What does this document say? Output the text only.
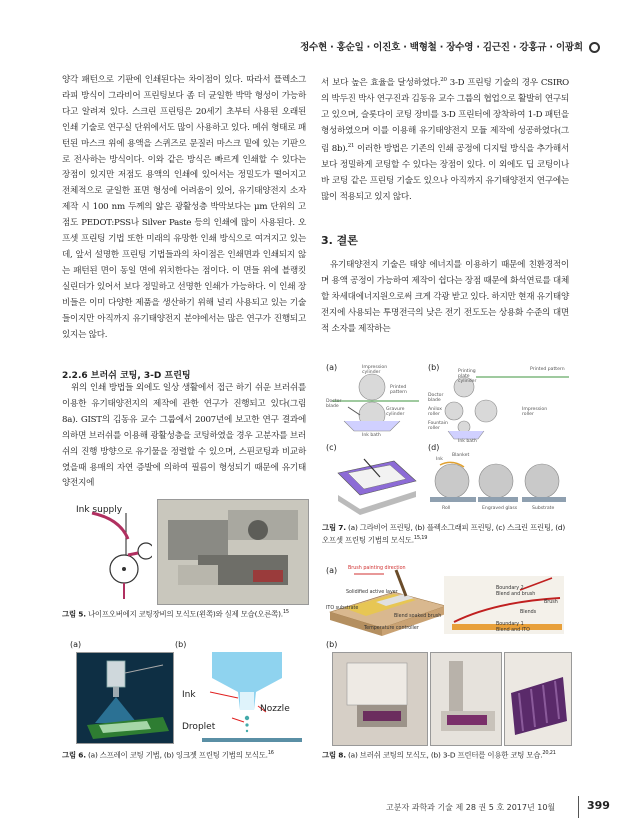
정수현 · 홍순일 · 이진호 · 백형철 · 장수영 · 김근진 · 강홍규 · 이광희

양각 패턴으로 기판에 인쇄된다는 차이점이 있다. 따라서 플렉소그라피 방식이 그라비어 프린팅보다 좀 더 균일한 박막 형성이 가능하다고 알려져 있다. 스크린 프린팅은 20세기 초부터 사용된 오래된 인쇄 기술로 연구실 단위에서도 많이 사용하고 있다. 메쉬 형태로 패턴된 마스크 위에 용액을 스퀴즈로 문질러 마스크 밑에 있는 기판으로 전사하는 방식이다. 이와 같은 방식은 빠르게 인쇄할 수 있다는 장점이 있지만 저점도 용액의 인쇄에 있어서는 정밀도가 떨어지고 전체적으로 균일한 표면 형성에 어려움이 있어, 유기태양전지 소자 제작 시 100 nm 두께의 얇은 광활성층 박막보다는 μm 단위의 고점도 PEDOT:PSS나 Silver Paste 등의 인쇄에 많이 사용된다. 오프셋 프린팅 기법 또한 미래의 유망한 인쇄 방식으로 여겨지고 있는데, 앞서 설명한 프린팅 기법들과의 차이점은 인쇄면과 인쇄되지 않는 패턴된 면이 동일 면에 위치한다는 점이다. 이 면들 위에 블랭킷 실린더가 있어서 보다 정밀하고 선명한 인쇄가 가능하다. 이 인쇄 장비들은 이미 다양한 제품을 생산하기 위해 널리 사용되고 있는 기술들이지만 아직까지 유기태양전지 분야에서는 많은 연구가 진행되고 있지는 않다.

2.2.6 브러쉬 코팅, 3-D 프린팅

위의 인쇄 방법들 외에도 일상 생활에서 접근 하기 쉬운 브러쉬를 이용한 유기태양전지의 제작에 관한 연구가 진행되고 있다(그림 8a). GIST의 김동유 교수 그룹에서 2007년에 보고한 연구 결과에 의하면 브러쉬를 이용해 광활성층을 코팅하였을 경우 고분자를 브러쉬의 진행 방향으로 유기물을 정렬할 수 있으며, 스핀코팅과 비교하였을때 용매의 자연 증발에 의하여 필름이 형성되기 때문에 유기태양전지에

서 보다 높은 효율을 달성하였다.$^{20}$ 3-D 프린팅 기술의 경우 CSIRO의 박두진 박사 연구진과 김동유 교수 그룹의 협업으로 활발히 연구되고 있으며, 슬롯다이 코팅 장비를 3-D 프린터에 장착하여 1-D 패턴을 형성하였으며 이를 이용해 유기태양전지 모듈 제작에 성공하였다(그림 8b).$^{21}$ 이러한 방법은 기존의 인쇄 공정에 디지털 방식을 추가해서 보다 정밀하게 코팅할 수 있다는 장점이 있다. 이 외에도 딥 코팅이나 바 코팅 같은 프린팅 기술도 있으나 아직까지 유기태양전지 연구에는 많이 적용되고 있지 않다.

3. 결론

유기태양전지 기술은 태양 에너지를 이용하기 때문에 친환경적이며 용액 공정이 가능하여 제작이 쉽다는 장점 때문에 화석연료를 대체할 차세대에너지원으로써 크게 각광 받고 있다. 하지만 현재 유기태양전지에 사용되는 투명전극의 낮은 전기 전도도는 상용화 수준의 대면적 소자를 제작하는

Ink supply
그림 5. 나이프오버에지 코팅장비의 모식도(왼쪽)와 실제 모습(오른쪽).$^{15}$
(a)	(b)
Ink
Nozzle
Droplet
그림 6. (a) 스프레이 코팅 기법, (b) 잉크젯 프린팅 기법의 모식도.$^{16}$
(a)	(b)
(c)	(d)
Impression cylinder
Printed pattern
Doctor blade
Gravure cylinder
Ink bath
Printing plate cylinder
Printed pattern
Doctor blade
Anilox roller
Fountain roller
Impression roller
Ink bath
Ink
Blanket
Roll	Engraved glass	Substrate
그림 7. (a) 그라비어 프린팅, (b) 플렉소그래피 프린팅, (c) 스크린 프린팅, (d) 오프셋 프린팅 기법의 모식도.$^{15,19}$
(a)
(b)
Brush painting direction
Solidified active layer
ITO substrate
Blend soaked brush
Temperature controller
Boundary 2
Blend and brush
Brush
Blends
Boundary 1
Blend and ITO
그림 8. (a) 브러쉬 코팅의 모식도, (b) 3-D 프린터를 이용한 코팅 모습.$^{20,21}$
고분자 과학과 기술 제 28 권 5 호 2017년 10월	399
